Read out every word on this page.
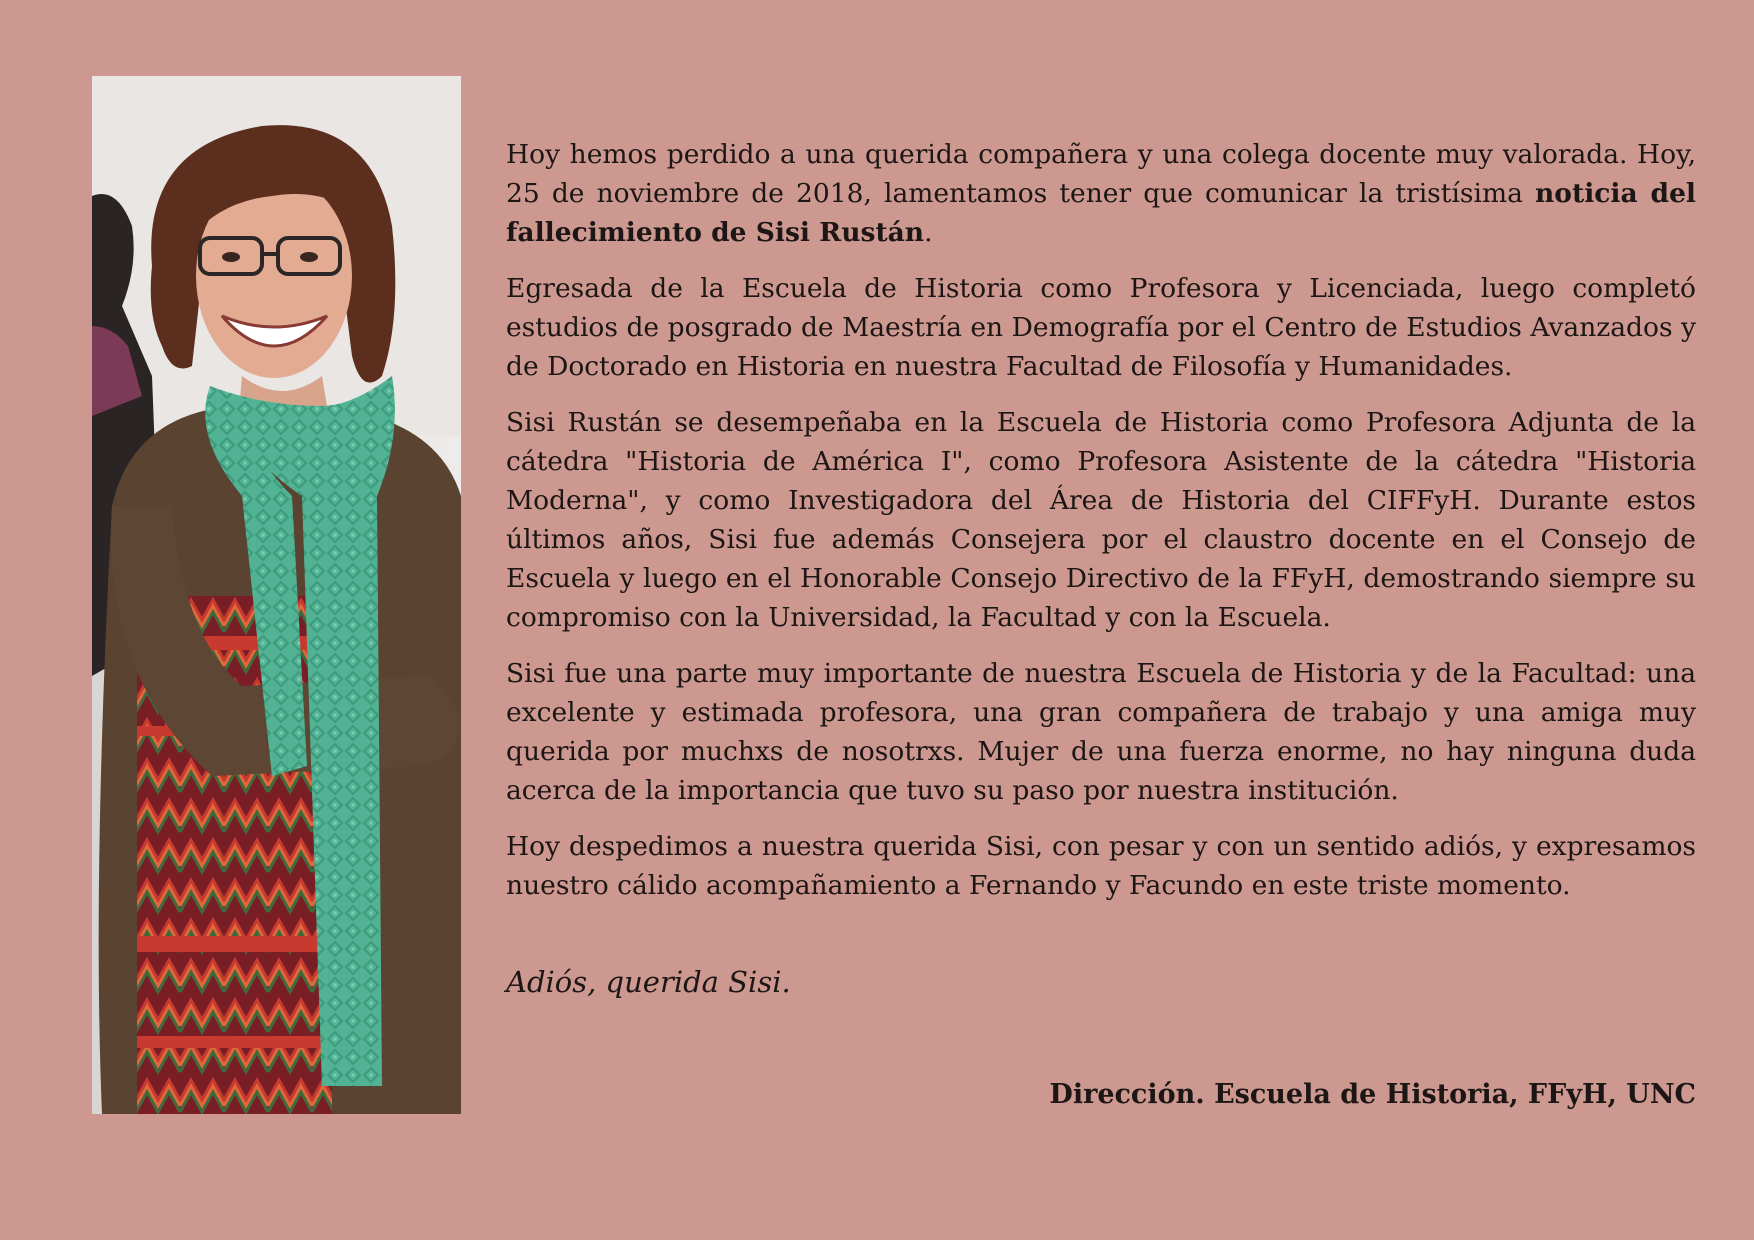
Hoy hemos perdido a una querida compañera y una colega docente muy valorada. Hoy, 25 de noviembre de 2018, lamentamos tener que comunicar la tristísima noticia del fallecimiento de Sisi Rustán.

Egresada de la Escuela de Historia como Profesora y Licenciada, luego completó estudios de posgrado de Maestría en Demografía por el Centro de Estudios Avanzados y de Doctorado en Historia en nuestra Facultad de Filosofía y Humanidades.

Sisi Rustán se desempeñaba en la Escuela de Historia como Profesora Adjunta de la cátedra "Historia de América I", como Profesora Asistente de la cátedra "Historia Moderna", y como Investigadora del Área de Historia del CIFFyH. Durante estos últimos años, Sisi fue además Consejera por el claustro docente en el Consejo de Escuela y luego en el Honorable Consejo Directivo de la FFyH, demostrando siempre su compromiso con la Universidad, la Facultad y con la Escuela.

Sisi fue una parte muy importante de nuestra Escuela de Historia y de la Facultad: una excelente y estimada profesora, una gran compañera de trabajo y una amiga muy querida por muchxs de nosotrxs. Mujer de una fuerza enorme, no hay ninguna duda acerca de la importancia que tuvo su paso por nuestra institución.

Hoy despedimos a nuestra querida Sisi, con pesar y con un sentido adiós, y expresamos nuestro cálido acompañamiento a Fernando y Facundo en este triste momento.

Adiós, querida Sisi.
Dirección. Escuela de Historia, FFyH, UNC
